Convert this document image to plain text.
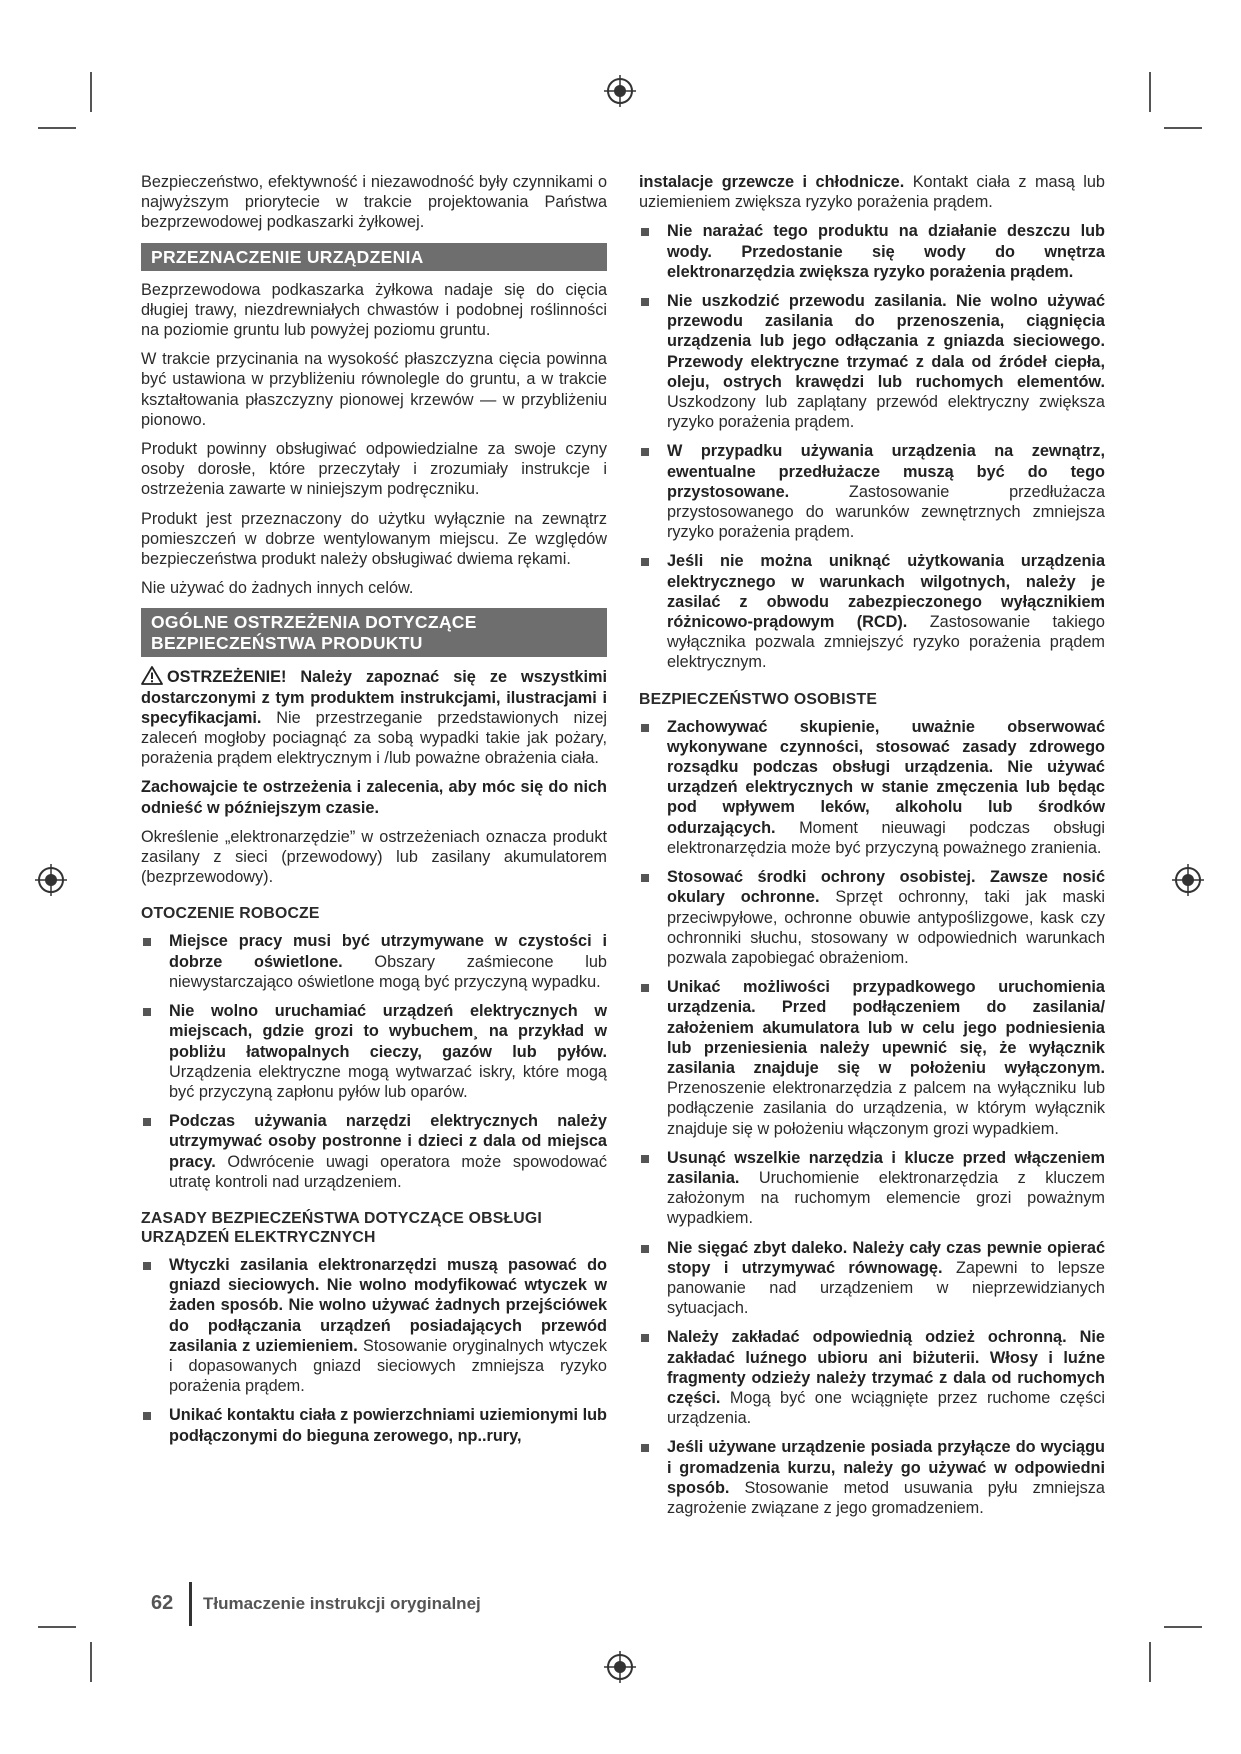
Bezpieczeństwo, efektywność i niezawodność były czynnikami o najwyższym priorytecie w trakcie projektowania Państwa bezprzewodowej podkaszarki żyłkowej.

PRZEZNACZENIE URZĄDZENIA

Bezprzewodowa podkaszarka żyłkowa nadaje się do cięcia długiej trawy, niezdrewniałych chwastów i podobnej roślinności na poziomie gruntu lub powyżej poziomu gruntu.

W trakcie przycinania na wysokość płaszczyzna cięcia powinna być ustawiona w przybliżeniu równolegle do gruntu, a w trakcie kształtowania płaszczyzny pionowej krzewów — w przybliżeniu pionowo.

Produkt powinny obsługiwać odpowiedzialne za swoje czyny osoby dorosłe, które przeczytały i zrozumiały instrukcje i ostrzeżenia zawarte w niniejszym podręczniku.

Produkt jest przeznaczony do użytku wyłącznie na zewnątrz pomieszczeń w dobrze wentylowanym miejscu. Ze względów bezpieczeństwa produkt należy obsługiwać dwiema rękami.

Nie używać do żadnych innych celów.

OGÓLNE OSTRZEŻENIA DOTYCZĄCE BEZPIECZEŃSTWA PRODUKTU

OSTRZEŻENIE! Należy zapoznać się ze wszystkimi dostarczonymi z tym produktem instrukcjami, ilustracjami i specyfikacjami. Nie przestrzeganie przedstawionych nizej zaleceń mogłoby pociagnąć za sobą wypadki takie jak pożary, porażenia prądem elektrycznym i /lub poważne obrażenia ciała.

Zachowajcie te ostrzeżenia i zalecenia, aby móc się do nich odnieść w późniejszym czasie.

Określenie „elektronarzędzie” w ostrzeżeniach oznacza produkt zasilany z sieci (przewodowy) lub zasilany akumulatorem (bezprzewodowy).

OTOCZENIE ROBOCZE
Miejsce pracy musi być utrzymywane w czystości i dobrze oświetlone. Obszary zaśmiecone lub niewystarczająco oświetlone mogą być przyczyną wypadku.
Nie wolno uruchamiać urządzeń elektrycznych w miejscach, gdzie grozi to wybuchem¸ na przykład w pobliżu łatwopalnych cieczy, gazów lub pyłów. Urządzenia elektryczne mogą wytwarzać iskry, które mogą być przyczyną zapłonu pyłów lub oparów.
Podczas używania narzędzi elektrycznych należy utrzymywać osoby postronne i dzieci z dala od miejsca pracy. Odwrócenie uwagi operatora może spowodować utratę kontroli nad urządzeniem.
ZASADY BEZPIECZEŃSTWA DOTYCZĄCE OBSŁUGI URZĄDZEŃ ELEKTRYCZNYCH
Wtyczki zasilania elektronarzędzi muszą pasować do gniazd sieciowych. Nie wolno modyfikować wtyczek w żaden sposób. Nie wolno używać żadnych przejściówek do podłączania urządzeń posiadających przewód zasilania z uziemieniem. Stosowanie oryginalnych wtyczek i dopasowanych gniazd sieciowych zmniejsza ryzyko porażenia prądem.
Unikać kontaktu ciała z powierzchniami uziemionymi lub podłączonymi do bieguna zerowego, np..rury,

instalacje grzewcze i chłodnicze. Kontakt ciała z masą lub uziemieniem zwiększa ryzyko porażenia prądem.

Nie narażać tego produktu na działanie deszczu lub wody. Przedostanie się wody do wnętrza elektronarzędzia zwiększa ryzyko porażenia prądem.
Nie uszkodzić przewodu zasilania. Nie wolno używać przewodu zasilania do przenoszenia, ciągnięcia urządzenia lub jego odłączania z gniazda sieciowego. Przewody elektryczne trzymać z dala od źródeł ciepła, oleju, ostrych krawędzi lub ruchomych elementów. Uszkodzony lub zaplątany przewód elektryczny zwiększa ryzyko porażenia prądem.
W przypadku używania urządzenia na zewnątrz, ewentualne przedłużacze muszą być do tego przystosowane. Zastosowanie przedłużacza przystosowanego do warunków zewnętrznych zmniejsza ryzyko porażenia prądem.
Jeśli nie można uniknąć użytkowania urządzenia elektrycznego w warunkach wilgotnych, należy je zasilać z obwodu zabezpieczonego wyłącznikiem różnicowo-prądowym (RCD). Zastosowanie takiego wyłącznika pozwala zmniejszyć ryzyko porażenia prądem elektrycznym.
BEZPIECZEŃSTWO OSOBISTE
Zachowywać skupienie, uważnie obserwować wykonywane czynności, stosować zasady zdrowego rozsądku podczas obsługi urządzenia. Nie używać urządzeń elektrycznych w stanie zmęczenia lub będąc pod wpływem leków, alkoholu lub środków odurzających. Moment nieuwagi podczas obsługi elektronarzędzia może być przyczyną poważnego zranienia.
Stosować środki ochrony osobistej. Zawsze nosić okulary ochronne. Sprzęt ochronny, taki jak maski przeciwpyłowe, ochronne obuwie antypoślizgowe, kask czy ochronniki słuchu, stosowany w odpowiednich warunkach pozwala zapobiegać obrażeniom.
Unikać możliwości przypadkowego uruchomienia urządzenia. Przed podłączeniem do zasilania/ założeniem akumulatora lub w celu jego podniesienia lub przeniesienia należy upewnić się, że wyłącznik zasilania znajduje się w położeniu wyłączonym. Przenoszenie elektronarzędzia z palcem na wyłączniku lub podłączenie zasilania do urządzenia, w którym wyłącznik znajduje się w położeniu włączonym grozi wypadkiem.
Usunąć wszelkie narzędzia i klucze przed włączeniem zasilania. Uruchomienie elektronarzędzia z kluczem założonym na ruchomym elemencie grozi poważnym wypadkiem.
Nie sięgać zbyt daleko. Należy cały czas pewnie opierać stopy i utrzymywać równowagę. Zapewni to lepsze panowanie nad urządzeniem w nieprzewidzianych sytuacjach.
Należy zakładać odpowiednią odzież ochronną. Nie zakładać luźnego ubioru ani biżuterii. Włosy i luźne fragmenty odzieży należy trzymać z dala od ruchomych części. Mogą być one wciągnięte przez ruchome części urządzenia.
Jeśli używane urządzenie posiada przyłącze do wyciągu i gromadzenia kurzu, należy go używać w odpowiedni sposób. Stosowanie metod usuwania pyłu zmniejsza zagrożenie związane z jego gromadzeniem.
62 Tłumaczenie instrukcji oryginalnej
